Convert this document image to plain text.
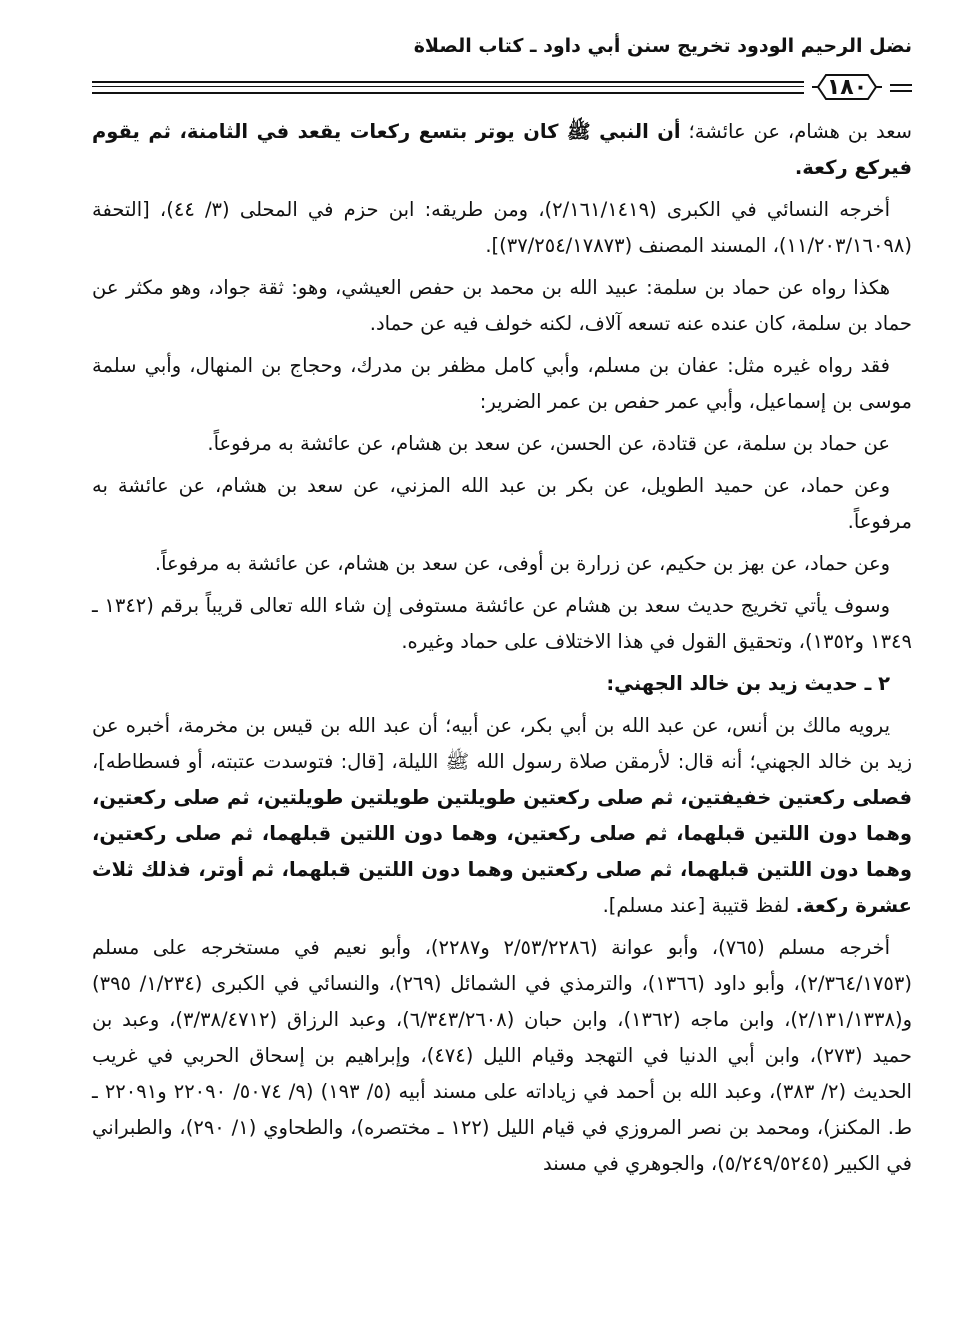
نضل الرحيم الودود تخريج سنن أبي داود ـ كتاب الصلاة
١٨٠

سعد بن هشام، عن عائشة؛ أن النبي ﷺ كان يوتر بتسع ركعات يقعد في الثامنة، ثم يقوم فيركع ركعة.

أخرجه النسائي في الكبرى (٢/١٦١/١٤١٩)، ومن طريقه: ابن حزم في المحلى (٣/ ٤٤)، [التحفة (١١/٢٠٣/١٦٠٩٨)، المسند المصنف (٣٧/٢٥٤/١٧٨٧٣)].

هكذا رواه عن حماد بن سلمة: عبيد الله بن محمد بن حفص العيشي، وهو: ثقة جواد، وهو مكثر عن حماد بن سلمة، كان عنده عنه تسعه آلاف، لكنه خولف فيه عن حماد.

فقد رواه غيره مثل: عفان بن مسلم، وأبي كامل مظفر بن مدرك، وحجاج بن المنهال، وأبي سلمة موسى بن إسماعيل، وأبي عمر حفص بن عمر الضرير:

عن حماد بن سلمة، عن قتادة، عن الحسن، عن سعد بن هشام، عن عائشة به مرفوعاً.

وعن حماد، عن حميد الطويل، عن بكر بن عبد الله المزني، عن سعد بن هشام، عن عائشة به مرفوعاً.

وعن حماد، عن بهز بن حكيم، عن زرارة بن أوفى، عن سعد بن هشام، عن عائشة به مرفوعاً.

وسوف يأتي تخريج حديث سعد بن هشام عن عائشة مستوفى إن شاء الله تعالى قريباً برقم (١٣٤٢ ـ ١٣٤٩ و١٣٥٢)، وتحقيق القول في هذا الاختلاف على حماد وغيره.

٢ ـ حديث زيد بن خالد الجهني:

يرويه مالك بن أنس، عن عبد الله بن أبي بكر، عن أبيه؛ أن عبد الله بن قيس بن مخرمة، أخبره عن زيد بن خالد الجهني؛ أنه قال: لأرمقن صلاة رسول الله ﷺ الليلة، [قال: فتوسدت عتبته، أو فسطاطه]، فصلى ركعتين خفيفتين، ثم صلى ركعتين طويلتين طويلتين طويلتين، ثم صلى ركعتين، وهما دون اللتين قبلهما، ثم صلى ركعتين، وهما دون اللتين قبلهما، ثم صلى ركعتين، وهما دون اللتين قبلهما، ثم صلى ركعتين وهما دون اللتين قبلهما، ثم أوتر، فذلك ثلاث عشرة ركعة. لفظ قتيبة [عند مسلم].

أخرجه مسلم (٧٦٥)، وأبو عوانة (٢/٥٣/٢٢٨٦ و٢٢٨٧)، وأبو نعيم في مستخرجه على مسلم (٢/٣٦٤/١٧٥٣)، وأبو داود (١٣٦٦)، والترمذي في الشمائل (٢٦٩)، والنسائي في الكبرى (١/٢٣٤/ ٣٩٥) و(٢/١٣١/١٣٣٨)، وابن ماجه (١٣٦٢)، وابن حبان (٦/٣٤٣/٢٦٠٨)، وعبد الرزاق (٣/٣٨/٤٧١٢)، وعبد بن حميد (٢٧٣)، وابن أبي الدنيا في التهجد وقيام الليل (٤٧٤)، وإبراهيم بن إسحاق الحربي في غريب الحديث (٢/ ٣٨٣)، وعبد الله بن أحمد في زياداته على مسند أبيه (٥/ ١٩٣) (٩/ ٥٠٧٤/ ٢٢٠٩٠ و٢٢٠٩١ ـ ط. المكنز)، ومحمد بن نصر المروزي في قيام الليل (١٢٢ ـ مختصره)، والطحاوي (١/ ٢٩٠)، والطبراني في الكبير (٥/٢٤٩/٥٢٤٥)، والجوهري في مسند
